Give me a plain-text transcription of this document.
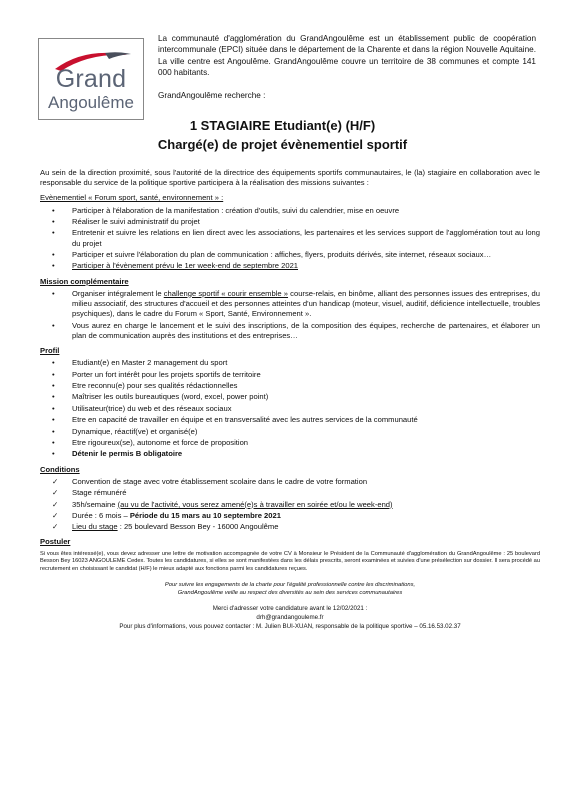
Grand
Angoulême
La communauté d'agglomération du GrandAngoulême est un établissement public de coopération intercommunale (EPCI) située dans le département de la Charente et dans la région Nouvelle Aquitaine. La ville centre est Angoulême. GrandAngoulême couvre un territoire de 38 communes et compte 141 000 habitants.
GrandAngoulême recherche :
1 STAGIAIRE Etudiant(e) (H/F)
Chargé(e) de projet évènementiel sportif

Au sein de la direction proximité, sous l'autorité de la directrice des équipements sportifs communautaires, le (la) stagiaire en collaboration avec le responsable du service de la politique sportive participera à la réalisation des missions suivantes :

Evènementiel « Forum sport, santé, environnement » :
• Participer à l'élaboration de la manifestation : création d'outils, suivi du calendrier, mise en oeuvre
• Réaliser le suivi administratif du projet
• Entretenir et suivre les relations en lien direct avec les associations, les partenaires et les services support de l'agglomération tout au long du projet
• Participer et suivre l'élaboration du plan de communication : affiches, flyers, produits dérivés, site internet, réseaux sociaux…
• Participer à l'évènement prévu le 1er week-end de septembre 2021
Mission complémentaire
• Organiser intégralement le challenge sportif « courir ensemble » course-relais, en binôme, alliant des personnes issues des entreprises, du milieu associatif, des structures d'accueil et des personnes atteintes d'un handicap (moteur, visuel, auditif, déficience intellectuelle, troubles psychiques), dans le cadre du Forum « Sport, Santé, Environnement ».
• Vous aurez en charge le lancement et le suivi des inscriptions, de la composition des équipes, recherche de partenaires, et élaborer un plan de communication auprès des institutions et des entreprises…
Profil
• Etudiant(e) en Master 2 management du sport
• Porter un fort intérêt pour les projets sportifs de territoire
• Etre reconnu(e) pour ses qualités rédactionnelles
• Maîtriser les outils bureautiques (word, excel, power point)
• Utilisateur(trice) du web et des réseaux sociaux
• Etre en capacité de travailler en équipe et en transversalité avec les autres services de la communauté
• Dynamique, réactif(ve) et organisé(e)
• Etre rigoureux(se), autonome et force de proposition
• Détenir le permis B obligatoire
Conditions
✓ Convention de stage avec votre établissement scolaire dans le cadre de votre formation
✓ Stage rémunéré
✓ 35h/semaine (au vu de l'activité, vous serez amené(e)s à travailler en soirée et/ou le week-end)
✓ Durée : 6 mois – Période du 15 mars au 10 septembre 2021
✓ Lieu du stage : 25 boulevard Besson Bey - 16000 Angoulême
Postuler
Si vous êtes intéressé(e), vous devez adresser une lettre de motivation accompagnée de votre CV à Monsieur le Président de la Communauté d'agglomération du GrandAngoulême : 25 boulevard Besson Bey 16023 ANGOULEME Cedex. Toutes les candidatures, si elles se sont manifestées dans les délais prescrits, seront examinées et suivies d'une présélection sur dossier. Il sera procédé au recrutement en choisissant le candidat (H/F) le mieux adapté aux fonctions parmi les candidatures reçues.
Pour suivre les engagements de la charte pour l'égalité professionnelle contre les discriminations,
GrandAngoulême veille au respect des diversités au sein des services communautaires
Merci d'adresser votre candidature avant le 12/02/2021 :
drh@grandangouleme.fr
Pour plus d'informations, vous pouvez contacter : M. Julien BUI-XUAN, responsable de la politique sportive – 05.16.53.02.37
